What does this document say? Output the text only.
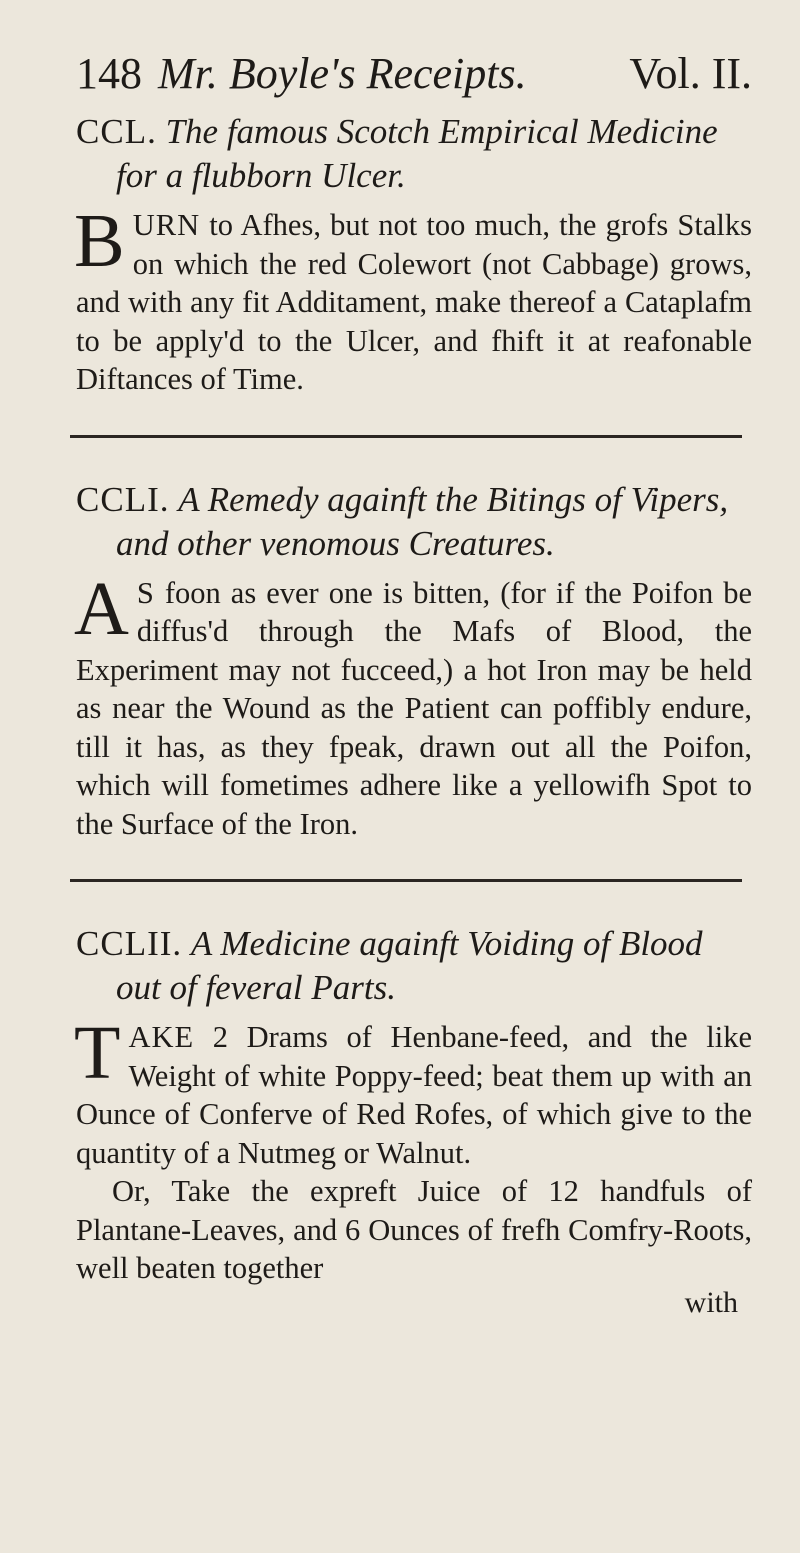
148 Mr. Boyle's Receipts.	Vol. II.

CCL. The famous Scotch Empirical Medicine for a flubborn Ulcer.

BURN to Afhes, but not too much, the grofs Stalks on which the red Colewort (not Cabbage) grows, and with any fit Additament, make thereof a Cataplafm to be apply'd to the Ulcer, and fhift it at reafonable Diftances of Time.

CCLI. A Remedy againft the Bitings of Vipers, and other venomous Creatures.

A S foon as ever one is bitten, (for if the Poifon be diffus'd through the Mafs of Blood, the Experiment may not fucceed,) a hot Iron may be held as near the Wound as the Patient can poffibly endure, till it has, as they fpeak, drawn out all the Poifon, which will fometimes adhere like a yellowifh Spot to the Surface of the Iron.

CCLII. A Medicine againft Voiding of Blood out of feveral Parts.

TAKE 2 Drams of Henbane-feed, and the like Weight of white Poppy-feed; beat them up with an Ounce of Conferve of Red Rofes, of which give to the quantity of a Nutmeg or Walnut.

Or, Take the expreft Juice of 12 handfuls of Plantane-Leaves, and 6 Ounces of frefh Comfry-Roots, well beaten together

with
